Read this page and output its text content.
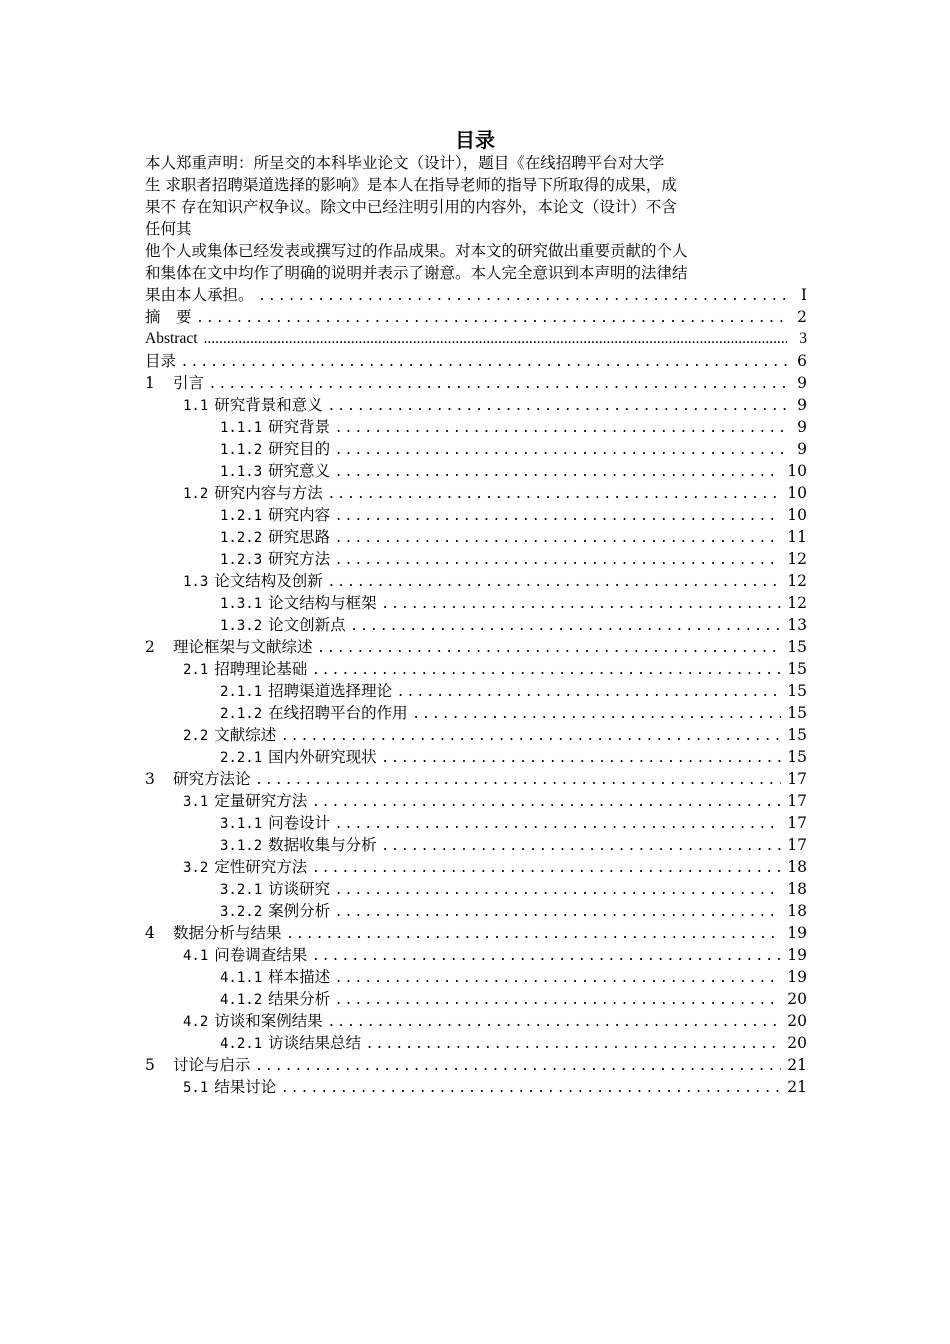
目录
本人郑重声明：所呈交的本科毕业论文（设计），题目《在线招聘平台对大学
生 求职者招聘渠道选择的影响》是本人在指导老师的指导下所取得的成果，成
果不 存在知识产权争议。除文中已经注明引用的内容外，本论文（设计）不含
任何其
他个人或集体已经发表或撰写过的作品成果。对本文的研究做出重要贡献的个人
和集体在文中均作了明确的说明并表示了谢意。本人完全意识到本声明的法律结
果由本人承担。 . . .	I
摘　要 . . .	2
Abstract .....	3
目录 . . .	6
1 引言 . . .	9
1.1 研究背景和意义 . . .	9
1.1.1 研究背景 . . .	9
1.1.2 研究目的 . . .	9
1.1.3 研究意义 . . .	10
1.2 研究内容与方法 . . .	10
1.2.1 研究内容 . . .	10
1.2.2 研究思路 . . .	11
1.2.3 研究方法 . . .	12
1.3 论文结构及创新 . . .	12
1.3.1 论文结构与框架 . . .	12
1.3.2 论文创新点 . . .	13
2 理论框架与文献综述 . . .	15
2.1 招聘理论基础 . . .	15
2.1.1 招聘渠道选择理论 . . .	15
2.1.2 在线招聘平台的作用 . . .	15
2.2 文献综述 . . .	15
2.2.1 国内外研究现状 . . .	15
3 研究方法论 . . .	17
3.1 定量研究方法 . . .	17
3.1.1 问卷设计 . . .	17
3.1.2 数据收集与分析 . . .	17
3.2 定性研究方法 . . .	18
3.2.1 访谈研究 . . .	18
3.2.2 案例分析 . . .	18
4 数据分析与结果 . . .	19
4.1 问卷调查结果 . . .	19
4.1.1 样本描述 . . .	19
4.1.2 结果分析 . . .	20
4.2 访谈和案例结果 . . .	20
4.2.1 访谈结果总结 . . .	20
5 讨论与启示 . . .	21
5.1 结果讨论 . . .	21
